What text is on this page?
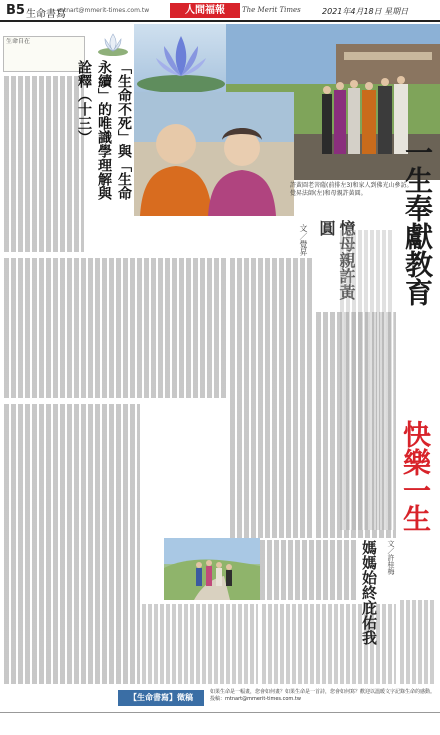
B5 生命書寫
mtnart@mmerit-times.com.tw	人間福報	The Merit Times	2021年4月18日 星期日
生命自在
「生命不死」與「生命永續」的唯識學理解與詮釋（十三）
許黃圓老菩薩(前排左3)和家人到佛光山參訪。
覺昇法師(左)和母親許黃圓。
憶母親許黃圓
文／覺昇	一生奉獻教育
快樂一生
媽媽始終庇佑我 文／許桂梅
【生命書寫】徵稿
如果生命是一幅畫，您會如何畫？如果生命是一首詩，您會如何寫？歡迎以溫暖文字記錄生命的感動。投稿：mtnart@mmerit-times.com.tw
